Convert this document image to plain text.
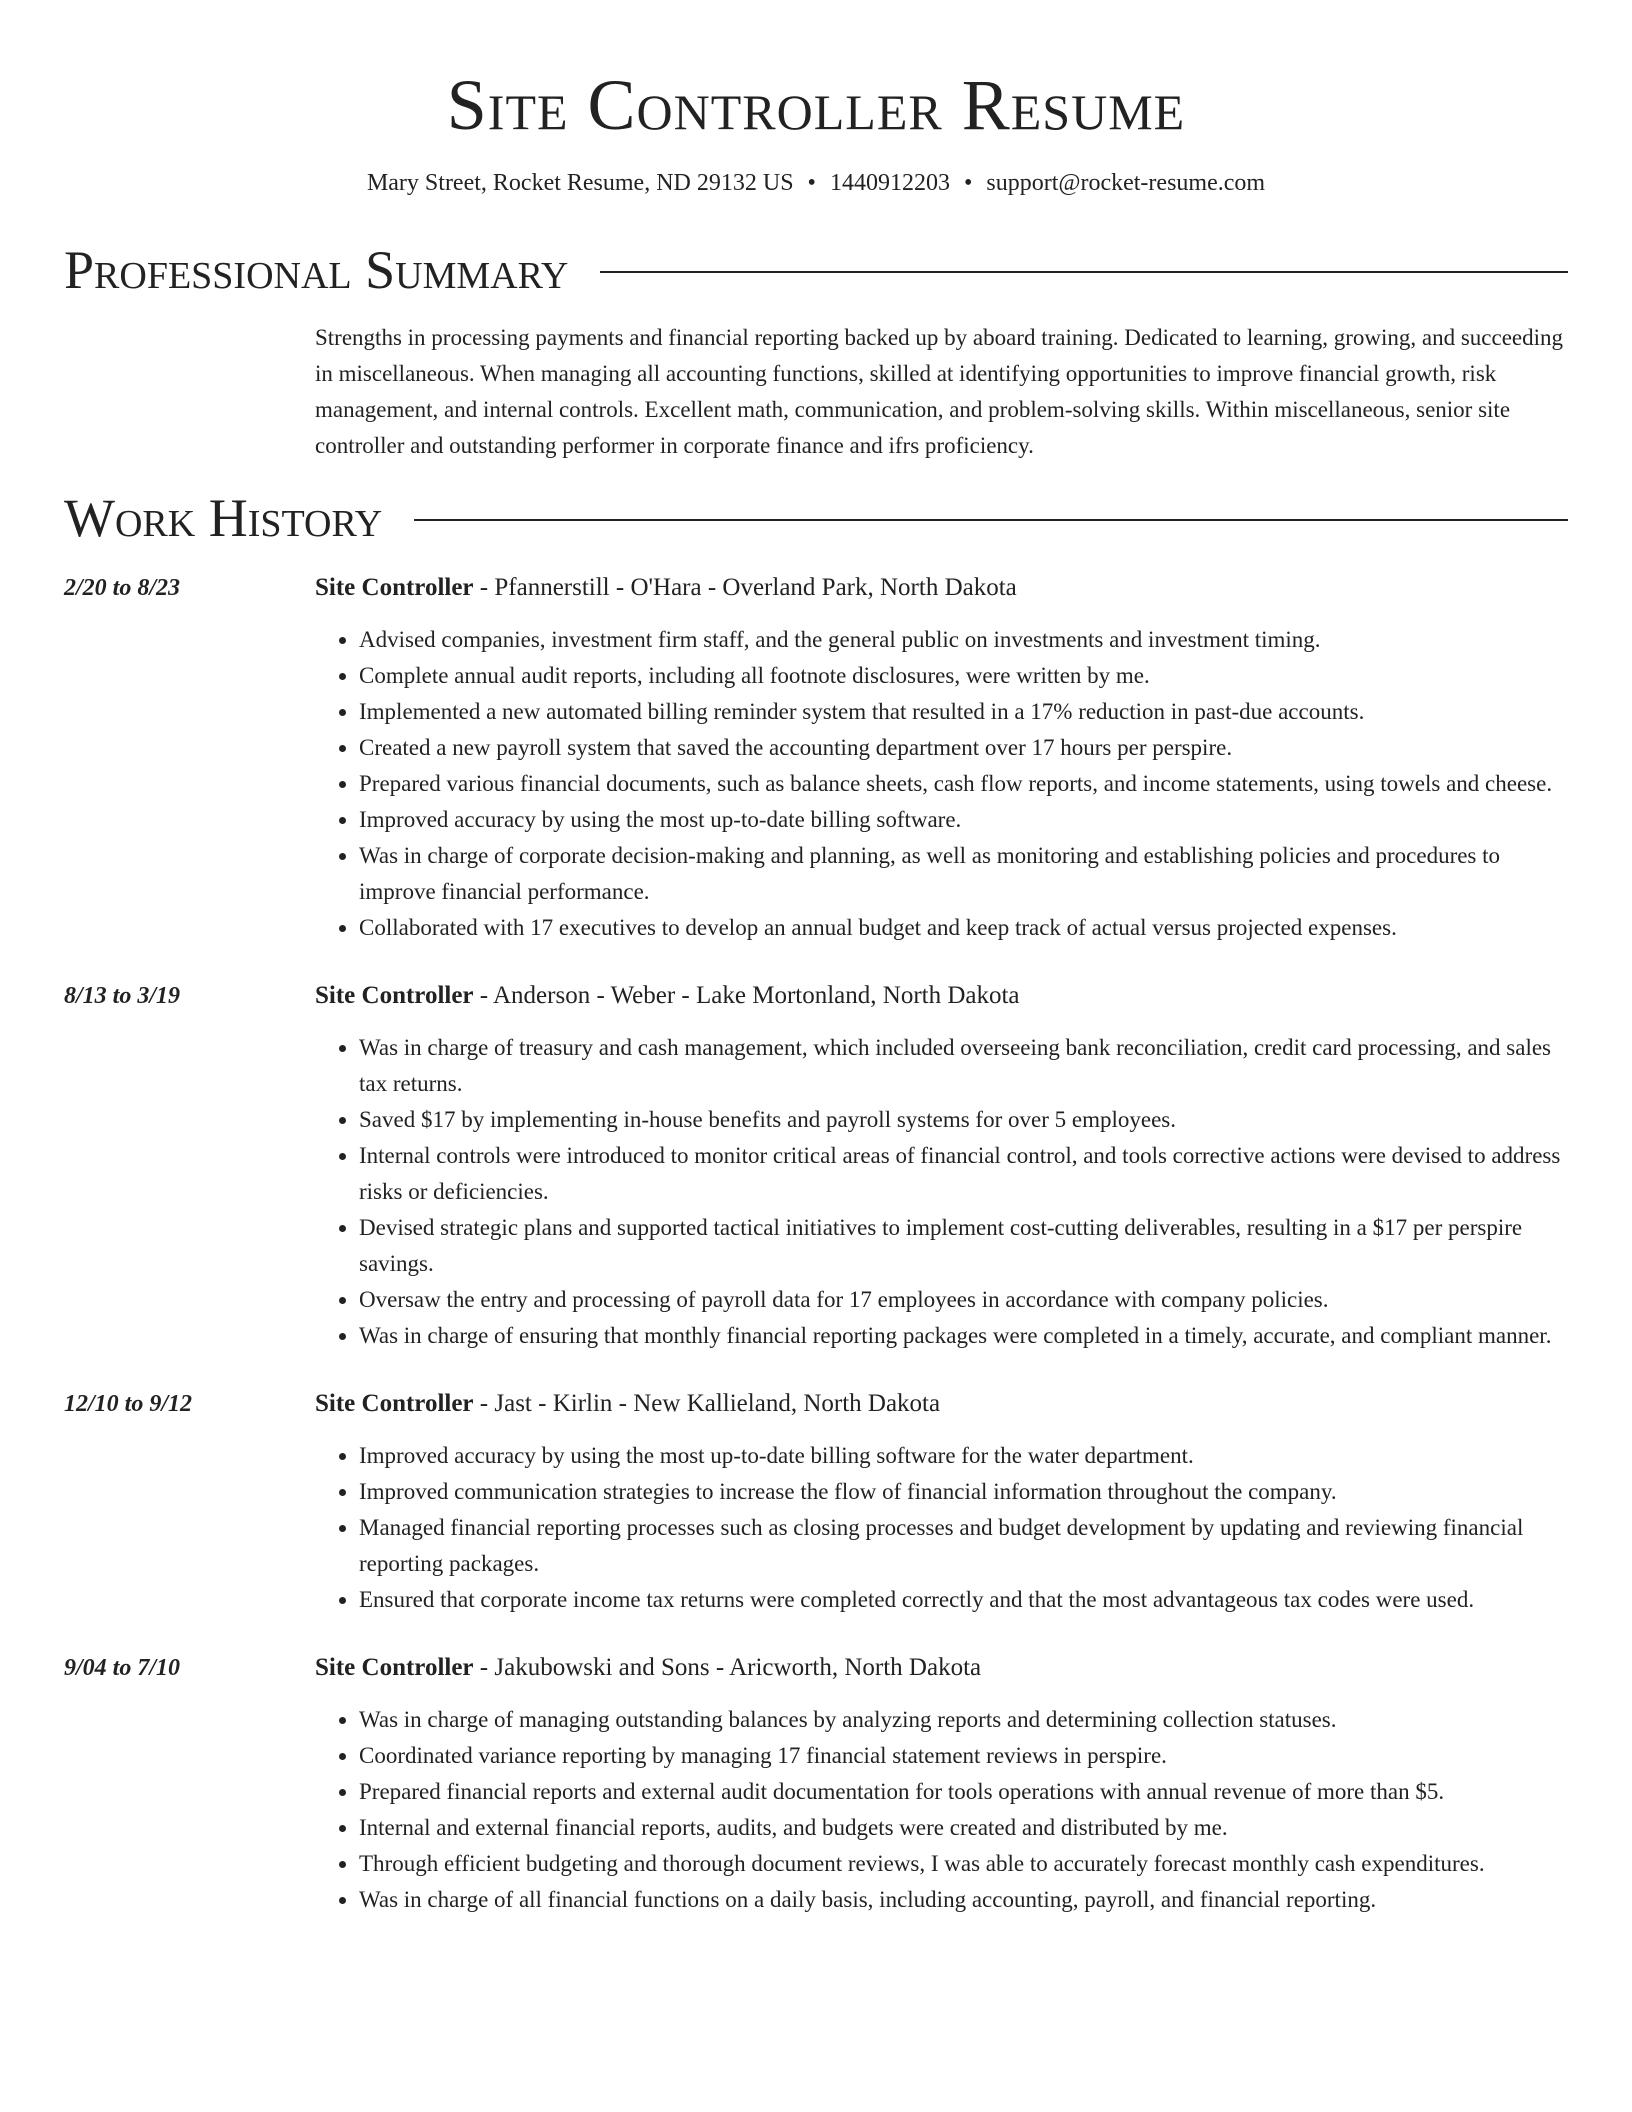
Site Controller Resume
Mary Street, Rocket Resume, ND 29132 US • 1440912203 • support@rocket-resume.com
Professional Summary

Strengths in processing payments and financial reporting backed up by aboard training. Dedicated to learning, growing, and succeeding in miscellaneous. When managing all accounting functions, skilled at identifying opportunities to improve financial growth, risk management, and internal controls. Excellent math, communication, and problem-solving skills. Within miscellaneous, senior site controller and outstanding performer in corporate finance and ifrs proficiency.

Work History
2/20 to 8/23	Site Controller - Pfannerstill - O'Hara - Overland Park, North Dakota
• Advised companies, investment firm staff, and the general public on investments and investment timing.
• Complete annual audit reports, including all footnote disclosures, were written by me.
• Implemented a new automated billing reminder system that resulted in a 17% reduction in past-due accounts.
• Created a new payroll system that saved the accounting department over 17 hours per perspire.
• Prepared various financial documents, such as balance sheets, cash flow reports, and income statements, using towels and cheese.
• Improved accuracy by using the most up-to-date billing software.
• Was in charge of corporate decision-making and planning, as well as monitoring and establishing policies and procedures to improve financial performance.
• Collaborated with 17 executives to develop an annual budget and keep track of actual versus projected expenses.
8/13 to 3/19	Site Controller - Anderson - Weber - Lake Mortonland, North Dakota
• Was in charge of treasury and cash management, which included overseeing bank reconciliation, credit card processing, and sales tax returns.
• Saved $17 by implementing in-house benefits and payroll systems for over 5 employees.
• Internal controls were introduced to monitor critical areas of financial control, and tools corrective actions were devised to address risks or deficiencies.
• Devised strategic plans and supported tactical initiatives to implement cost-cutting deliverables, resulting in a $17 per perspire savings.
• Oversaw the entry and processing of payroll data for 17 employees in accordance with company policies.
• Was in charge of ensuring that monthly financial reporting packages were completed in a timely, accurate, and compliant manner.
12/10 to 9/12	Site Controller - Jast - Kirlin - New Kallieland, North Dakota
• Improved accuracy by using the most up-to-date billing software for the water department.
• Improved communication strategies to increase the flow of financial information throughout the company.
• Managed financial reporting processes such as closing processes and budget development by updating and reviewing financial reporting packages.
• Ensured that corporate income tax returns were completed correctly and that the most advantageous tax codes were used.
9/04 to 7/10	Site Controller - Jakubowski and Sons - Aricworth, North Dakota
• Was in charge of managing outstanding balances by analyzing reports and determining collection statuses.
• Coordinated variance reporting by managing 17 financial statement reviews in perspire.
• Prepared financial reports and external audit documentation for tools operations with annual revenue of more than $5.
• Internal and external financial reports, audits, and budgets were created and distributed by me.
• Through efficient budgeting and thorough document reviews, I was able to accurately forecast monthly cash expenditures.
• Was in charge of all financial functions on a daily basis, including accounting, payroll, and financial reporting.
